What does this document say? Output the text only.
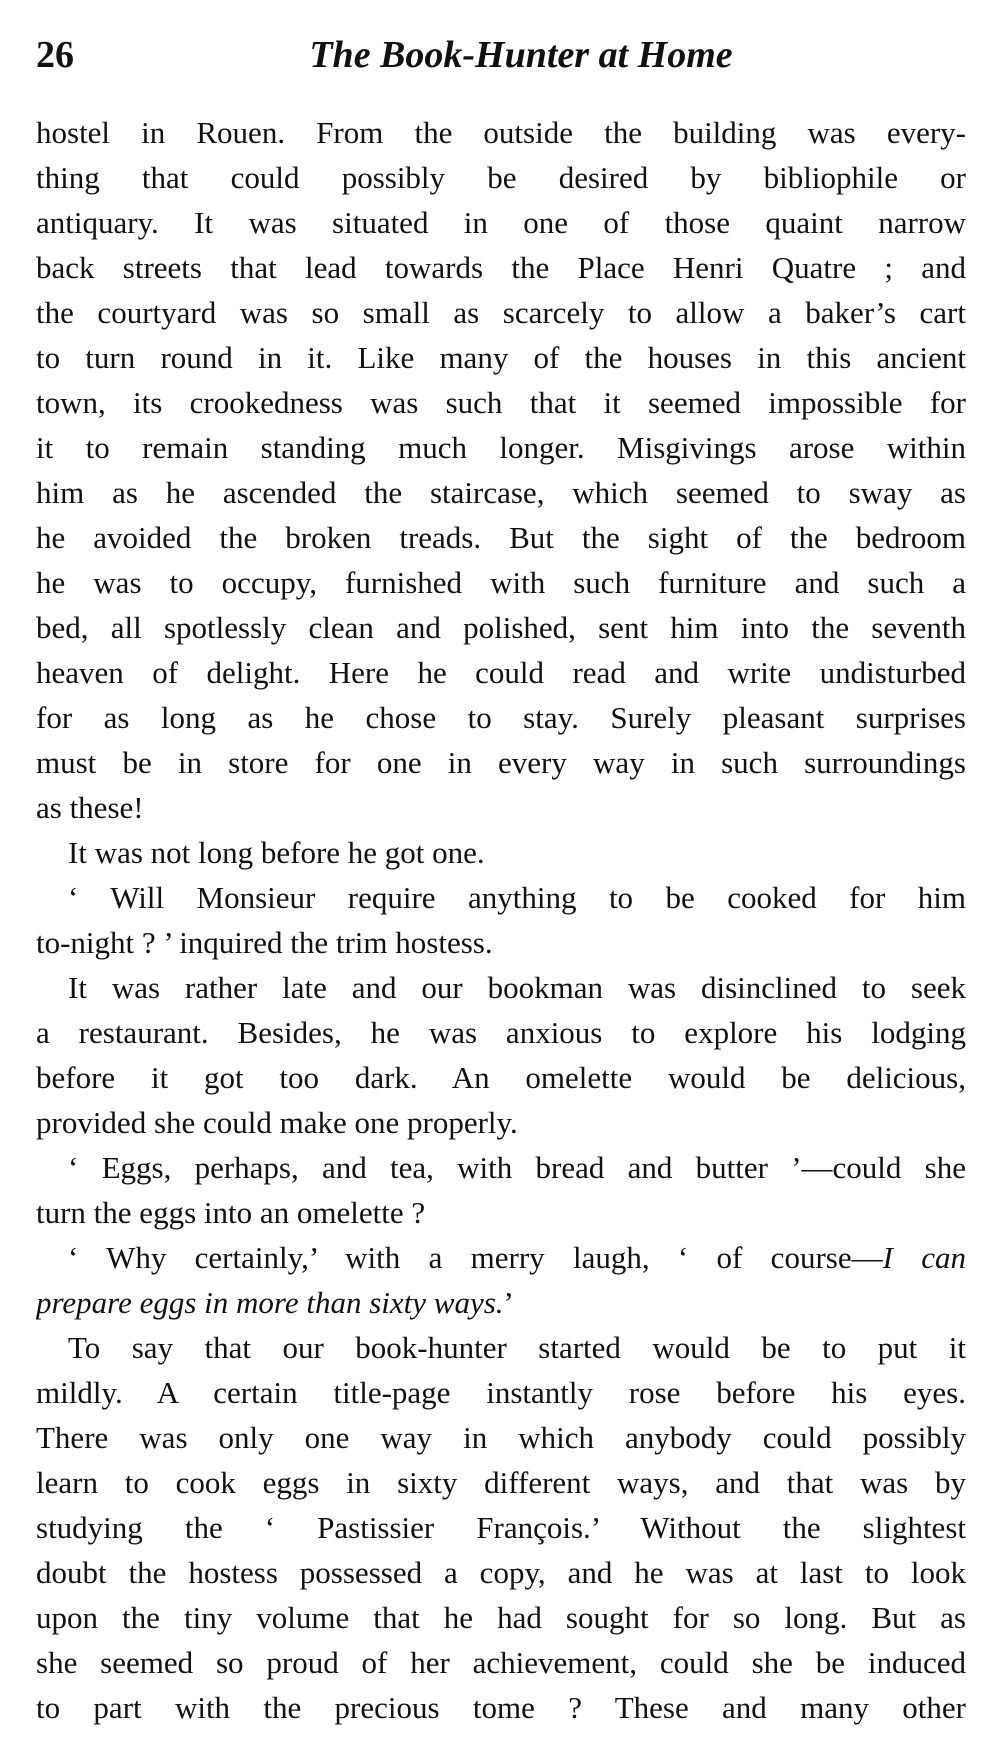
26	The Book-Hunter at Home
hostel in Rouen. From the outside the building was every-
thing that could possibly be desired by bibliophile or
antiquary. It was situated in one of those quaint narrow
back streets that lead towards the Place Henri Quatre ; and
the courtyard was so small as scarcely to allow a baker’s cart
to turn round in it. Like many of the houses in this ancient
town, its crookedness was such that it seemed impossible for
it to remain standing much longer. Misgivings arose within
him as he ascended the staircase, which seemed to sway as
he avoided the broken treads. But the sight of the bedroom
he was to occupy, furnished with such furniture and such a
bed, all spotlessly clean and polished, sent him into the seventh
heaven of delight. Here he could read and write undisturbed
for as long as he chose to stay. Surely pleasant surprises
must be in store for one in every way in such surroundings
as these!
It was not long before he got one.
‘ Will Monsieur require anything to be cooked for him
to-night ? ’ inquired the trim hostess.
It was rather late and our bookman was disinclined to seek
a restaurant. Besides, he was anxious to explore his lodging
before it got too dark. An omelette would be delicious,
provided she could make one properly.
‘ Eggs, perhaps, and tea, with bread and butter ’—could she
turn the eggs into an omelette ?
‘ Why certainly,’ with a merry laugh, ‘ of course—I can
prepare eggs in more than sixty ways.’
To say that our book-hunter started would be to put it
mildly. A certain title-page instantly rose before his eyes.
There was only one way in which anybody could possibly
learn to cook eggs in sixty different ways, and that was by
studying the ‘ Pastissier François.’ Without the slightest
doubt the hostess possessed a copy, and he was at last to look
upon the tiny volume that he had sought for so long. But as
she seemed so proud of her achievement, could she be induced
to part with the precious tome ? These and many other
